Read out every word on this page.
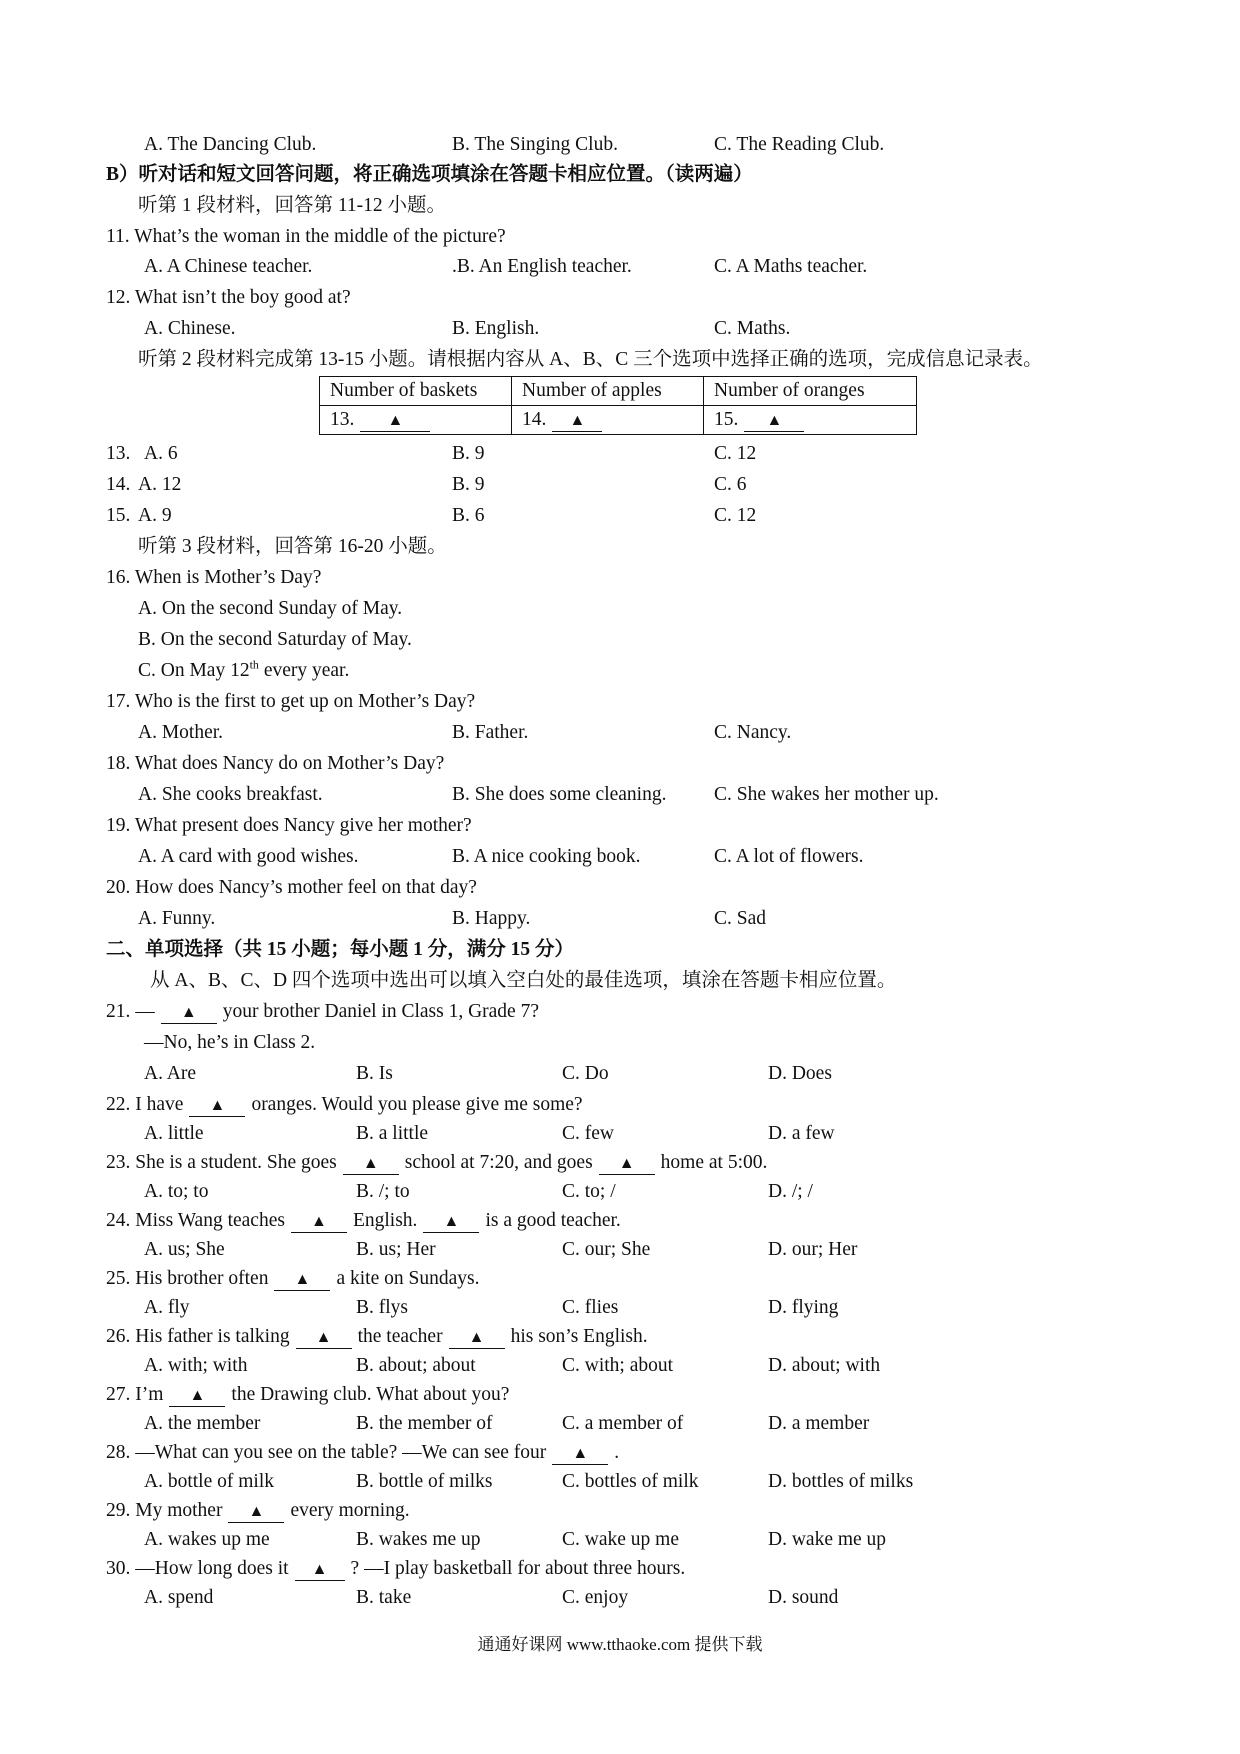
A. The Dancing Club.	B. The Singing Club.	C. The Reading Club.
B）听对话和短文回答问题，将正确选项填涂在答题卡相应位置。（读两遍）
听第 1 段材料，回答第 11-12 小题。
11. What’s the woman in the middle of the picture?
A. A Chinese teacher.	.B. An English teacher.	C. A Maths teacher.
12. What isn’t the boy good at?
A. Chinese.	B. English.	C. Maths.
听第 2 段材料完成第 13-15 小题。请根据内容从 A、B、C 三个选项中选择正确的选项，完成信息记录表。
Number of baskets	Number of apples	Number of oranges
13. ▲	14. ▲	15. ▲
13. A. 6	B. 9	C. 12
14. A. 12	B. 9	C. 6
15. A. 9	B. 6	C. 12
听第 3 段材料，回答第 16-20 小题。
16. When is Mother’s Day?
A. On the second Sunday of May.
B. On the second Saturday of May.
C. On May 12th every year.
17. Who is the first to get up on Mother’s Day?
A. Mother.	B. Father.	C. Nancy.
18. What does Nancy do on Mother’s Day?
A. She cooks breakfast.	B. She does some cleaning. C. She wakes her mother up.
19. What present does Nancy give her mother?
A. A card with good wishes.	B. A nice cooking book.	C. A lot of flowers.
20. How does Nancy’s mother feel on that day?
A. Funny.	B. Happy.	C. Sad
二、单项选择（共 15 小题；每小题 1 分，满分 15 分）
从 A、B、C、D 四个选项中选出可以填入空白处的最佳选项，填涂在答题卡相应位置。
21. — ▲ your brother Daniel in Class 1, Grade 7?
—No, he’s in Class 2.
A. Are	B. Is	C. Do	D. Does
22. I have ▲ oranges. Would you please give me some?
A. little	B. a little	C. few	D. a few
23. She is a student. She goes ▲ school at 7:20, and goes ▲ home at 5:00.
A. to; to	B. /; to	C. to; /	D. /; /
24. Miss Wang teaches ▲ English. ▲ is a good teacher.
A. us; She	B. us; Her	C. our; She	D. our; Her
25. His brother often ▲ a kite on Sundays.
A. fly	B. flys	C. flies	D. flying
26. His father is talking ▲ the teacher ▲ his son’s English.
A. with; with	B. about; about	C. with; about	D. about; with
27. I’m ▲ the Drawing club. What about you?
A. the member	B. the member of	C. a member of	D. a member
28. —What can you see on the table? —We can see four ▲ .
A. bottle of milk	B. bottle of milks	C. bottles of milk	D. bottles of milks
29. My mother ▲ every morning.
A. wakes up me	B. wakes me up	C. wake up me	D. wake me up
30. —How long does it ▲ ? —I play basketball for about three hours.
A. spend	B. take	C. enjoy	D. sound
通通好课网 www.tthaoke.com 提供下载
